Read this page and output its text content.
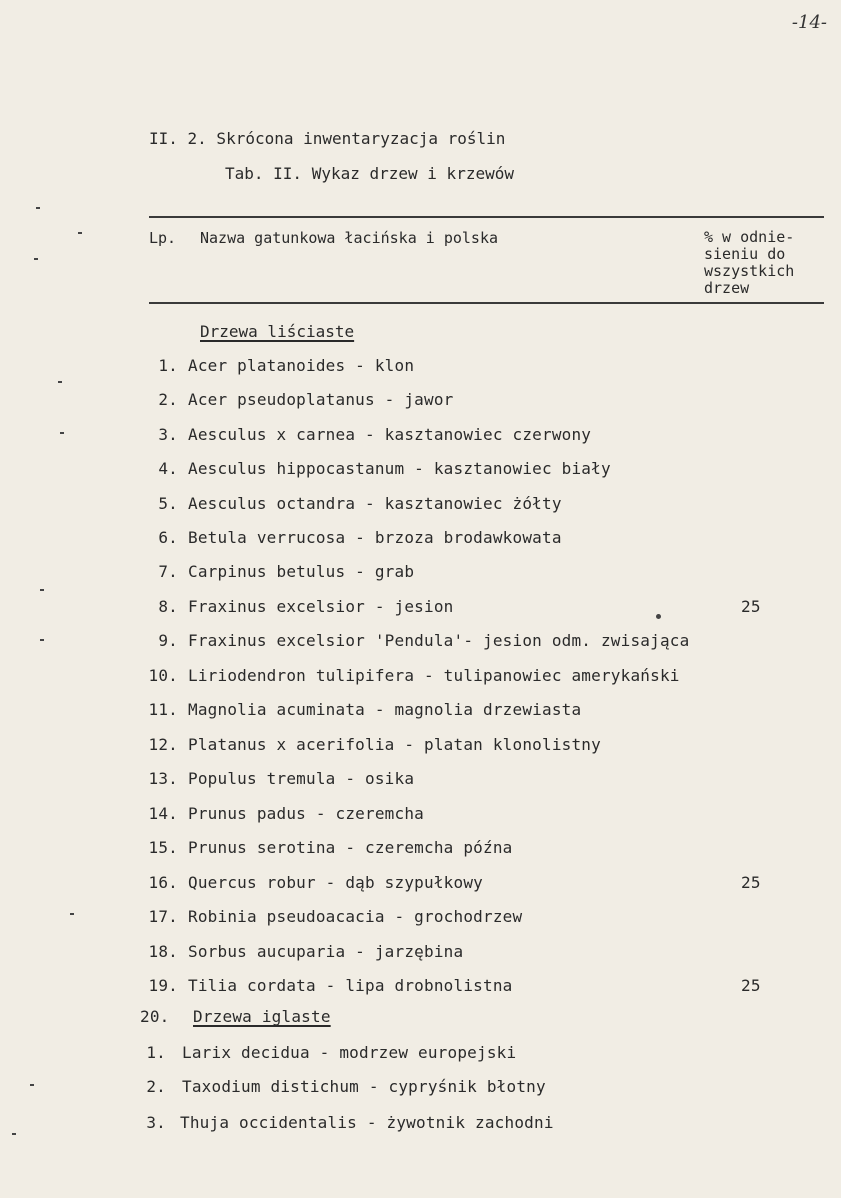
-14-
II. 2. Skrócona inwentaryzacja roślin
Tab. II. Wykaz drzew i krzewów
Lp. Nazwa gatunkowa łacińska i polska	% w odnie-
sieniu do
wszystkich
drzew
Drzewa liściaste
1. Acer platanoides - klon
2. Acer pseudoplatanus - jawor
3. Aesculus x carnea - kasztanowiec czerwony
4. Aesculus hippocastanum - kasztanowiec biały
5. Aesculus octandra - kasztanowiec żółty
6. Betula verrucosa - brzoza brodawkowata
7. Carpinus betulus - grab
8. Fraxinus excelsior - jesion	25
9. Fraxinus excelsior 'Pendula'- jesion odm. zwisająca
10. Liriodendron tulipifera - tulipanowiec amerykański
11. Magnolia acuminata - magnolia drzewiasta
12. Platanus x acerifolia - platan klonolistny
13. Populus tremula - osika
14. Prunus padus - czeremcha
15. Prunus serotina - czeremcha późna
16. Quercus robur - dąb szypułkowy	25
17. Robinia pseudoacacia - grochodrzew
18. Sorbus aucuparia - jarzębina
19. Tilia cordata - lipa drobnolistna	25
20.	Drzewa iglaste
1. Larix decidua - modrzew europejski
2. Taxodium distichum - cypryśnik błotny
3. Thuja occidentalis - żywotnik zachodni
